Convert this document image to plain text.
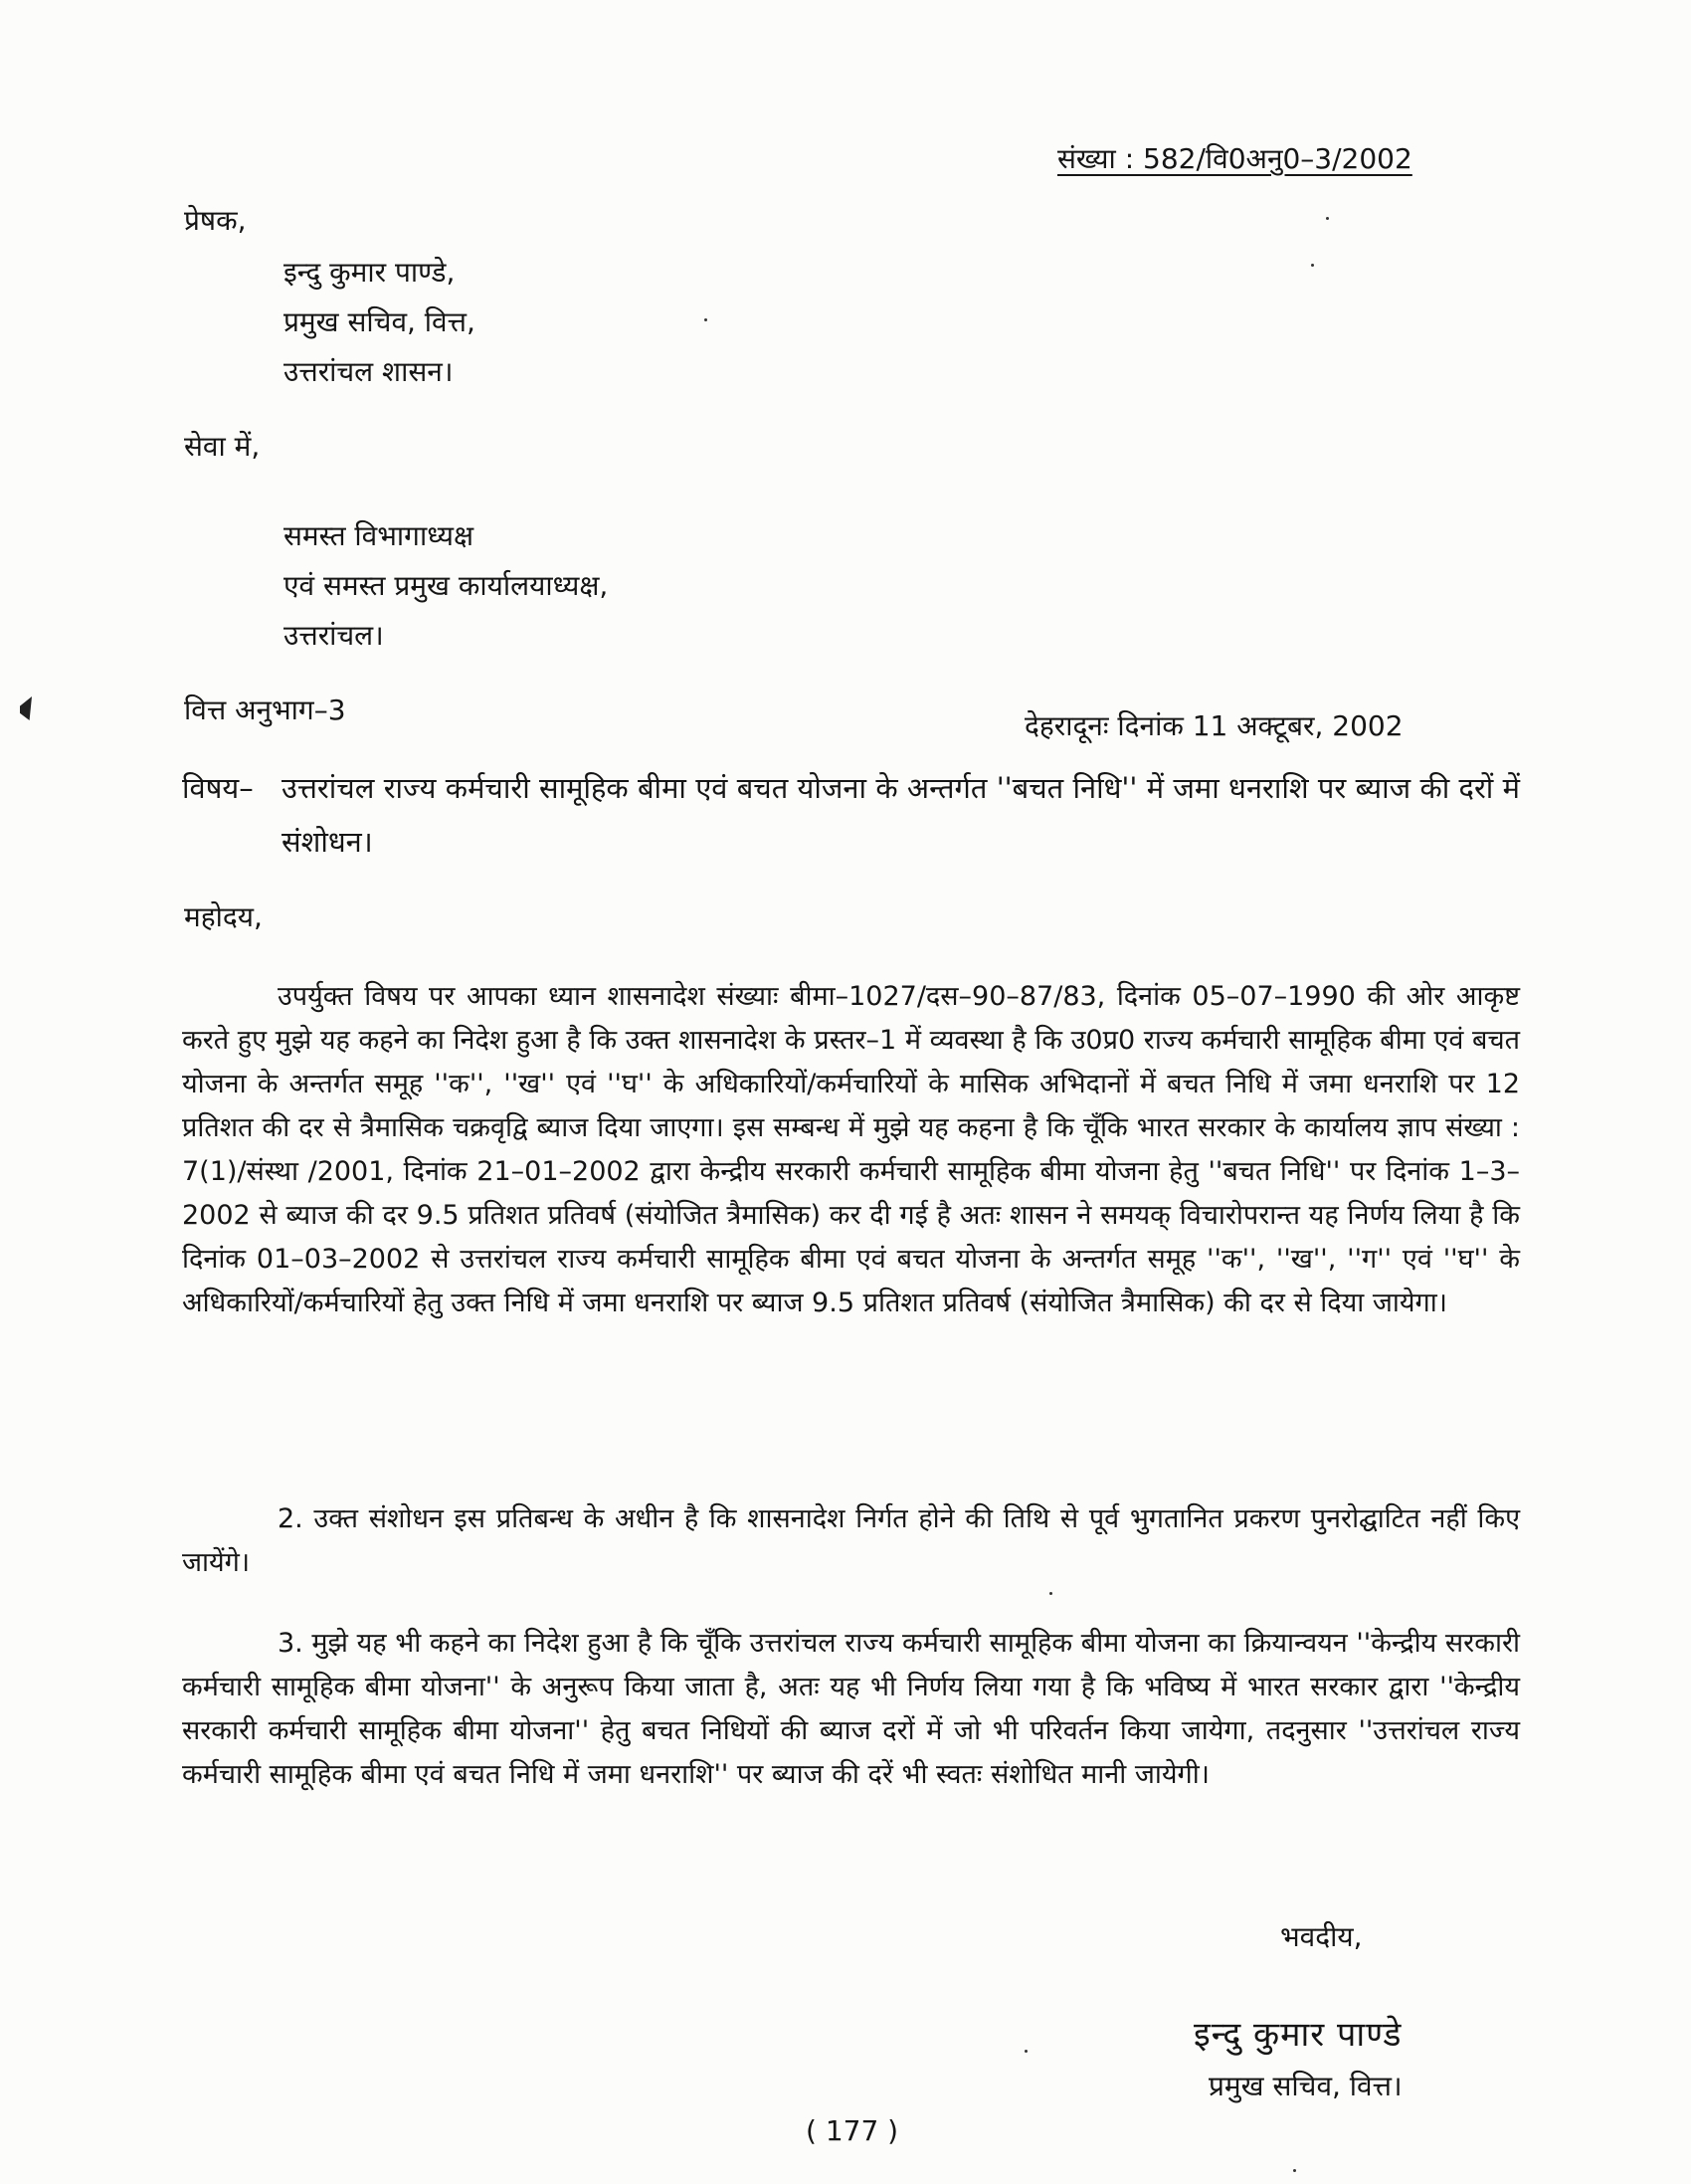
संख्या : 582/वि0अनु0–3/2002
प्रेषक,
इन्दु कुमार पाण्डे,
प्रमुख सचिव, वित्त,
उत्तरांचल शासन।
सेवा में,
समस्त विभागाध्यक्ष
एवं समस्त प्रमुख कार्यालयाध्यक्ष,
उत्तरांचल।
वित्त अनुभाग–3	देहरादूनः दिनांक 11 अक्टूबर, 2002
विषय– उत्तरांचल राज्य कर्मचारी सामूहिक बीमा एवं बचत योजना के अन्तर्गत ''बचत निधि'' में जमा धनराशि पर ब्याज की दरों में संशोधन।
महोदय,
उपर्युक्त विषय पर आपका ध्यान शासनादेश संख्याः बीमा–1027/दस–90–87/83, दिनांक 05–07–1990 की ओर आकृष्ट करते हुए मुझे यह कहने का निदेश हुआ है कि उक्त शासनादेश के प्रस्तर–1 में व्यवस्था है कि उ0प्र0 राज्य कर्मचारी सामूहिक बीमा एवं बचत योजना के अन्तर्गत समूह ''क'', ''ख'' एवं ''घ'' के अधिकारियों/कर्मचारियों के मासिक अभिदानों में बचत निधि में जमा धनराशि पर 12 प्रतिशत की दर से त्रैमासिक चक्रवृद्वि ब्याज दिया जाएगा। इस सम्बन्ध में मुझे यह कहना है कि चूँकि भारत सरकार के कार्यालय ज्ञाप संख्या : 7(1)/संस्था /2001, दिनांक 21–01–2002 द्वारा केन्द्रीय सरकारी कर्मचारी सामूहिक बीमा योजना हेतु ''बचत निधि'' पर दिनांक 1–3–2002 से ब्याज की दर 9.5 प्रतिशत प्रतिवर्ष (संयोजित त्रैमासिक) कर दी गई है अतः शासन ने समयक् विचारोपरान्त यह निर्णय लिया है कि दिनांक 01–03–2002 से उत्तरांचल राज्य कर्मचारी सामूहिक बीमा एवं बचत योजना के अन्तर्गत समूह ''क'', ''ख'', ''ग'' एवं ''घ'' के अधिकारियों/कर्मचारियों हेतु उक्त निधि में जमा धनराशि पर ब्याज 9.5 प्रतिशत प्रतिवर्ष (संयोजित त्रैमासिक) की दर से दिया जायेगा।
2. उक्त संशोधन इस प्रतिबन्ध के अधीन है कि शासनादेश निर्गत होने की तिथि से पूर्व भुगतानित प्रकरण पुनरोद्घाटित नहीं किए जायेंगे।
3. मुझे यह भी कहने का निदेश हुआ है कि चूँकि उत्तरांचल राज्य कर्मचारी सामूहिक बीमा योजना का क्रियान्वयन ''केन्द्रीय सरकारी कर्मचारी सामूहिक बीमा योजना'' के अनुरूप किया जाता है, अतः यह भी निर्णय लिया गया है कि भविष्य में भारत सरकार द्वारा ''केन्द्रीय सरकारी कर्मचारी सामूहिक बीमा योजना'' हेतु बचत निधियों की ब्याज दरों में जो भी परिवर्तन किया जायेगा, तदनुसार ''उत्तरांचल राज्य कर्मचारी सामूहिक बीमा एवं बचत निधि में जमा धनराशि'' पर ब्याज की दरें भी स्वतः संशोधित मानी जायेगी।
भवदीय,
इन्दु कुमार पाण्डे
प्रमुख सचिव, वित्त।
( 177 )
